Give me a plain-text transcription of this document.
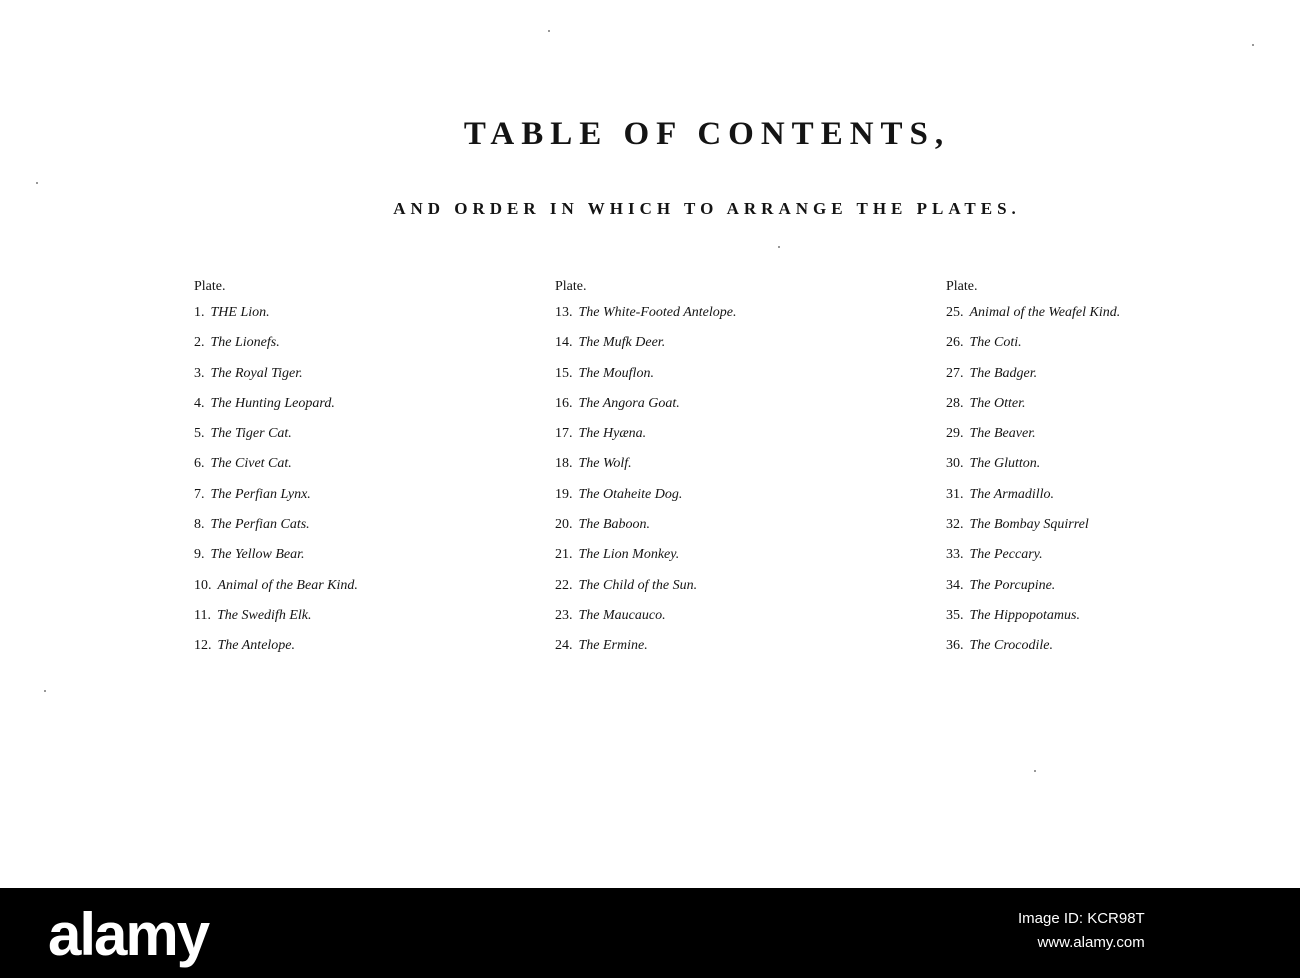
TABLE OF CONTENTS,
AND ORDER IN WHICH TO ARRANGE THE PLATES.
Plate.
1. THE Lion.
2. The Lionefs.
3. The Royal Tiger.
4. The Hunting Leopard.
5. The Tiger Cat.
6. The Civet Cat.
7. The Perfian Lynx.
8. The Perfian Cats.
9. The Yellow Bear.
10. Animal of the Bear Kind.
11. The Swedifh Elk.
12. The Antelope.
Plate.
13. The White-Footed Antelope.
14. The Mufk Deer.
15. The Mouflon.
16. The Angora Goat.
17. The Hyæna.
18. The Wolf.
19. The Otaheite Dog.
20. The Baboon.
21. The Lion Monkey.
22. The Child of the Sun.
23. The Maucauco.
24. The Ermine.
Plate.
25. Animal of the Weafel Kind.
26. The Coti.
27. The Badger.
28. The Otter.
29. The Beaver.
30. The Glutton.
31. The Armadillo.
32. The Bombay Squirrel
33. The Peccary.
34. The Porcupine.
35. The Hippopotamus.
36. The Crocodile.
alamy	Image ID: KCR98T
www.alamy.com
